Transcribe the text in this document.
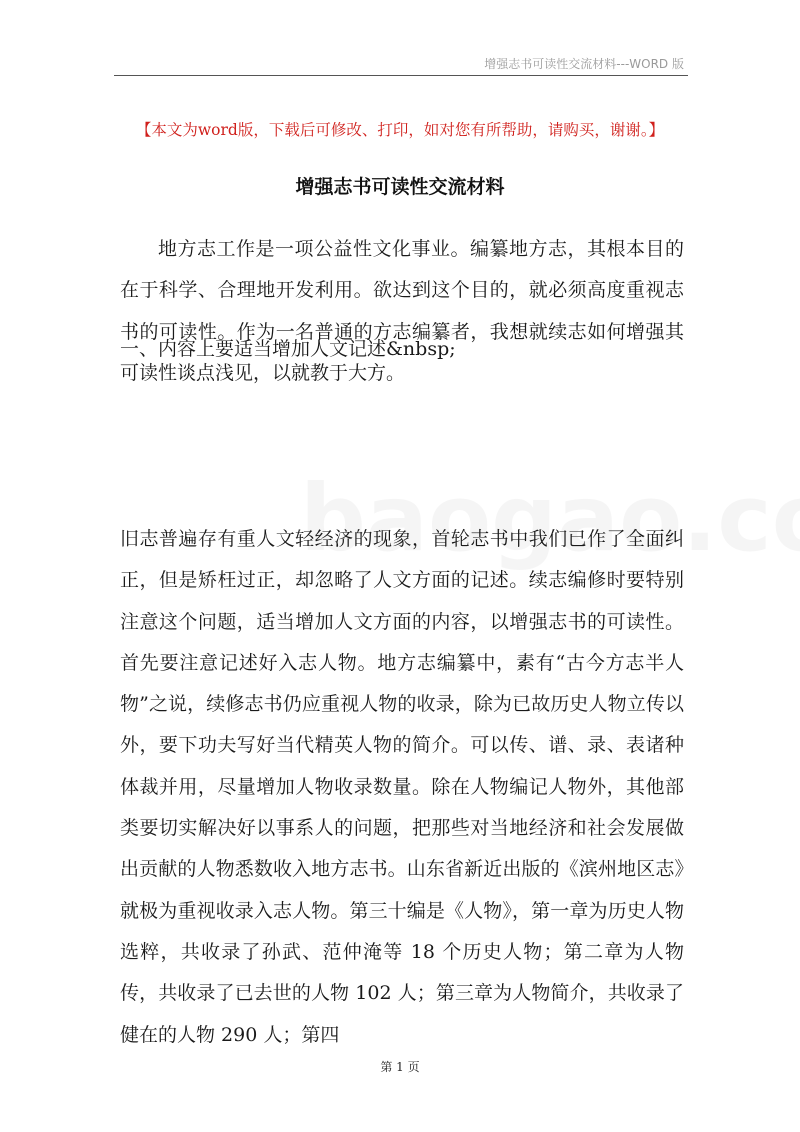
增强志书可读性交流材料---WORD 版
【本文为word版，下载后可修改、打印，如对您有所帮助，请购买，谢谢。】
增强志书可读性交流材料

地方志工作是一项公益性文化事业。编纂地方志，其根本目的在于科学、合理地开发利用。欲达到这个目的，就必须高度重视志书的可读性。作为一名普通的方志编纂者，我想就续志如何增强其可读性谈点浅见，以就教于大方。

一、内容上要适当增加人文记述&nbsp;

旧志普遍存有重人文轻经济的现象，首轮志书中我们已作了全面纠正，但是矫枉过正，却忽略了人文方面的记述。续志编修时要特别注意这个问题，适当增加人文方面的内容，以增强志书的可读性。首先要注意记述好入志人物。地方志编纂中，素有“古今方志半人物”之说，续修志书仍应重视人物的收录，除为已故历史人物立传以外，要下功夫写好当代精英人物的简介。可以传、谱、录、表诸种体裁并用，尽量增加人物收录数量。除在人物编记人物外，其他部类要切实解决好以事系人的问题，把那些对当地经济和社会发展做出贡献的人物悉数收入地方志书。山东省新近出版的《滨州地区志》就极为重视收录入志人物。第三十编是《人物》，第一章为历史人物选粹，共收录了孙武、范仲淹等 18 个历史人物；第二章为人物传，共收录了已去世的人物 102 人；第三章为人物简介，共收录了健在的人物 290 人；第四

第 1 页
